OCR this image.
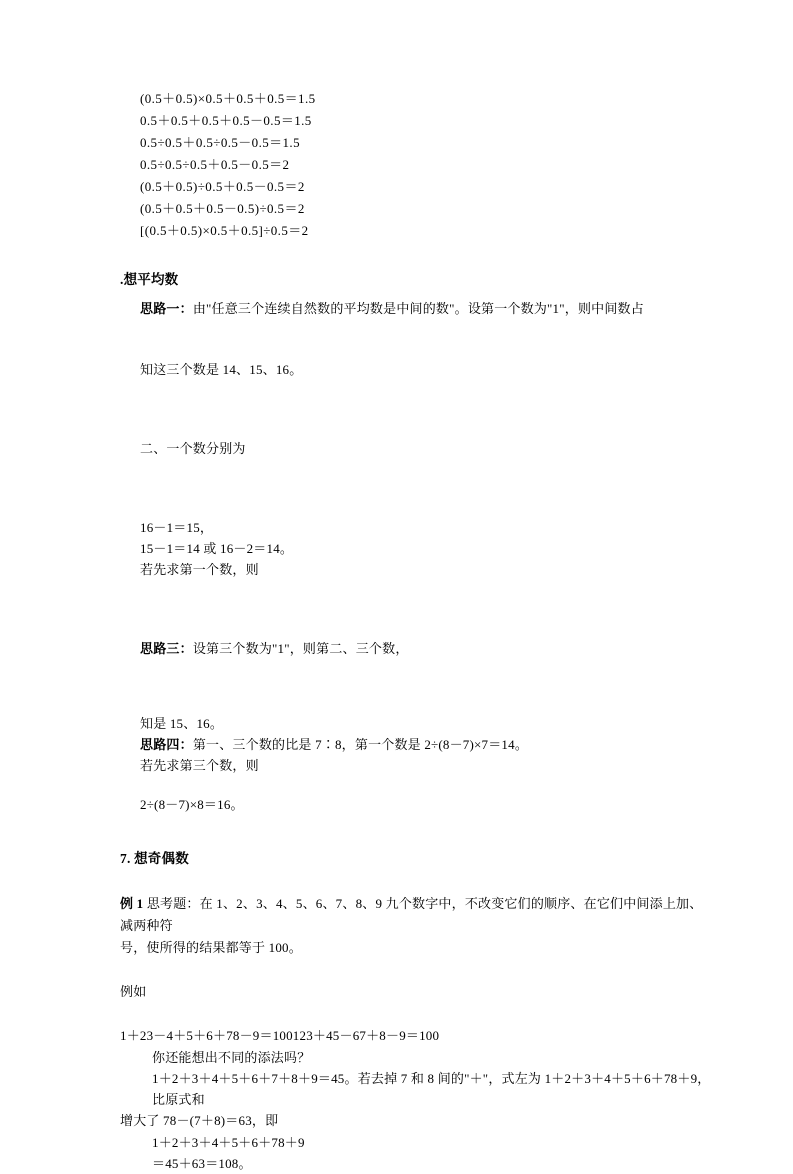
(0.5＋0.5)×0.5＋0.5＋0.5＝1.5
0.5＋0.5＋0.5＋0.5－0.5＝1.5
0.5÷0.5＋0.5÷0.5－0.5＝1.5
0.5÷0.5÷0.5＋0.5－0.5＝2
(0.5＋0.5)÷0.5＋0.5－0.5＝2
(0.5＋0.5＋0.5－0.5)÷0.5＝2
[(0.5＋0.5)×0.5＋0.5]÷0.5＝2
.想平均数
思路一：由"任意三个连续自然数的平均数是中间的数"。设第一个数为"1"，则中间数占
知这三个数是 14、15、16。
二、一个数分别为
16－1＝15，
15－1＝14 或 16－2＝14。
若先求第一个数，则
思路三：设第三个数为"1"，则第二、三个数，
知是 15、16。
思路四：第一、三个数的比是 7∶8，第一个数是 2÷(8－7)×7＝14。
若先求第三个数，则
2÷(8－7)×8＝16。
7. 想奇偶数
例 1 思考题：在 1、2、3、4、5、6、7、8、9 九个数字中，不改变它们的顺序、在它们中间添上加、减两种符
号，使所得的结果都等于 100。
例如
1＋23－4＋5＋6＋78－9＝100123＋45－67＋8－9＝100
你还能想出不同的添法吗？
1＋2＋3＋4＋5＋6＋7＋8＋9＝45。若去掉 7 和 8 间的"＋"，式左为 1＋2＋3＋4＋5＋6＋78＋9，比原式和
增大了 78－(7＋8)＝63，即
1＋2＋3＋4＋5＋6＋78＋9
＝45＋63＝108。
